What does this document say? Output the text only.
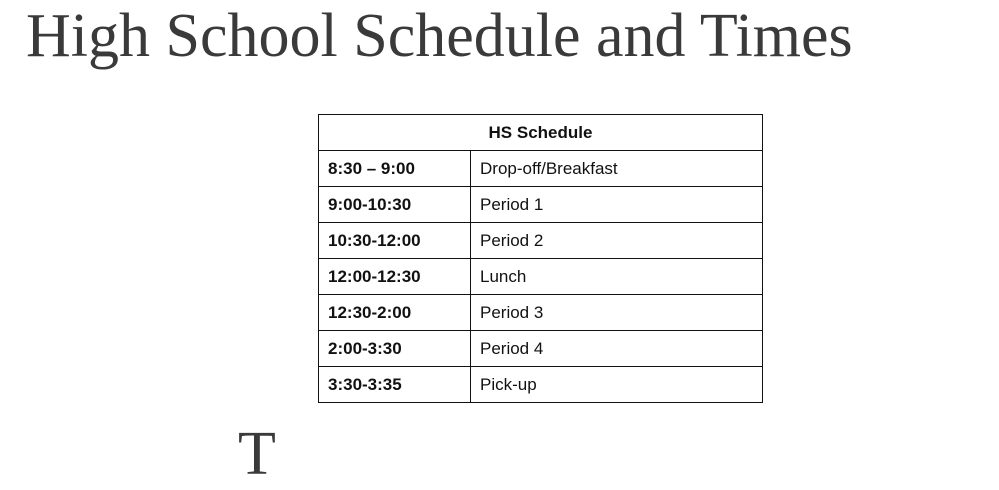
High School Schedule and Times
HS Schedule	
8:30 – 9:00	Drop-off/Breakfast
9:00-10:30	Period 1
10:30-12:00	Period 2
12:00-12:30	Lunch
12:30-2:00	Period 3
2:00-3:30	Period 4
3:30-3:35	Pick-up
T
